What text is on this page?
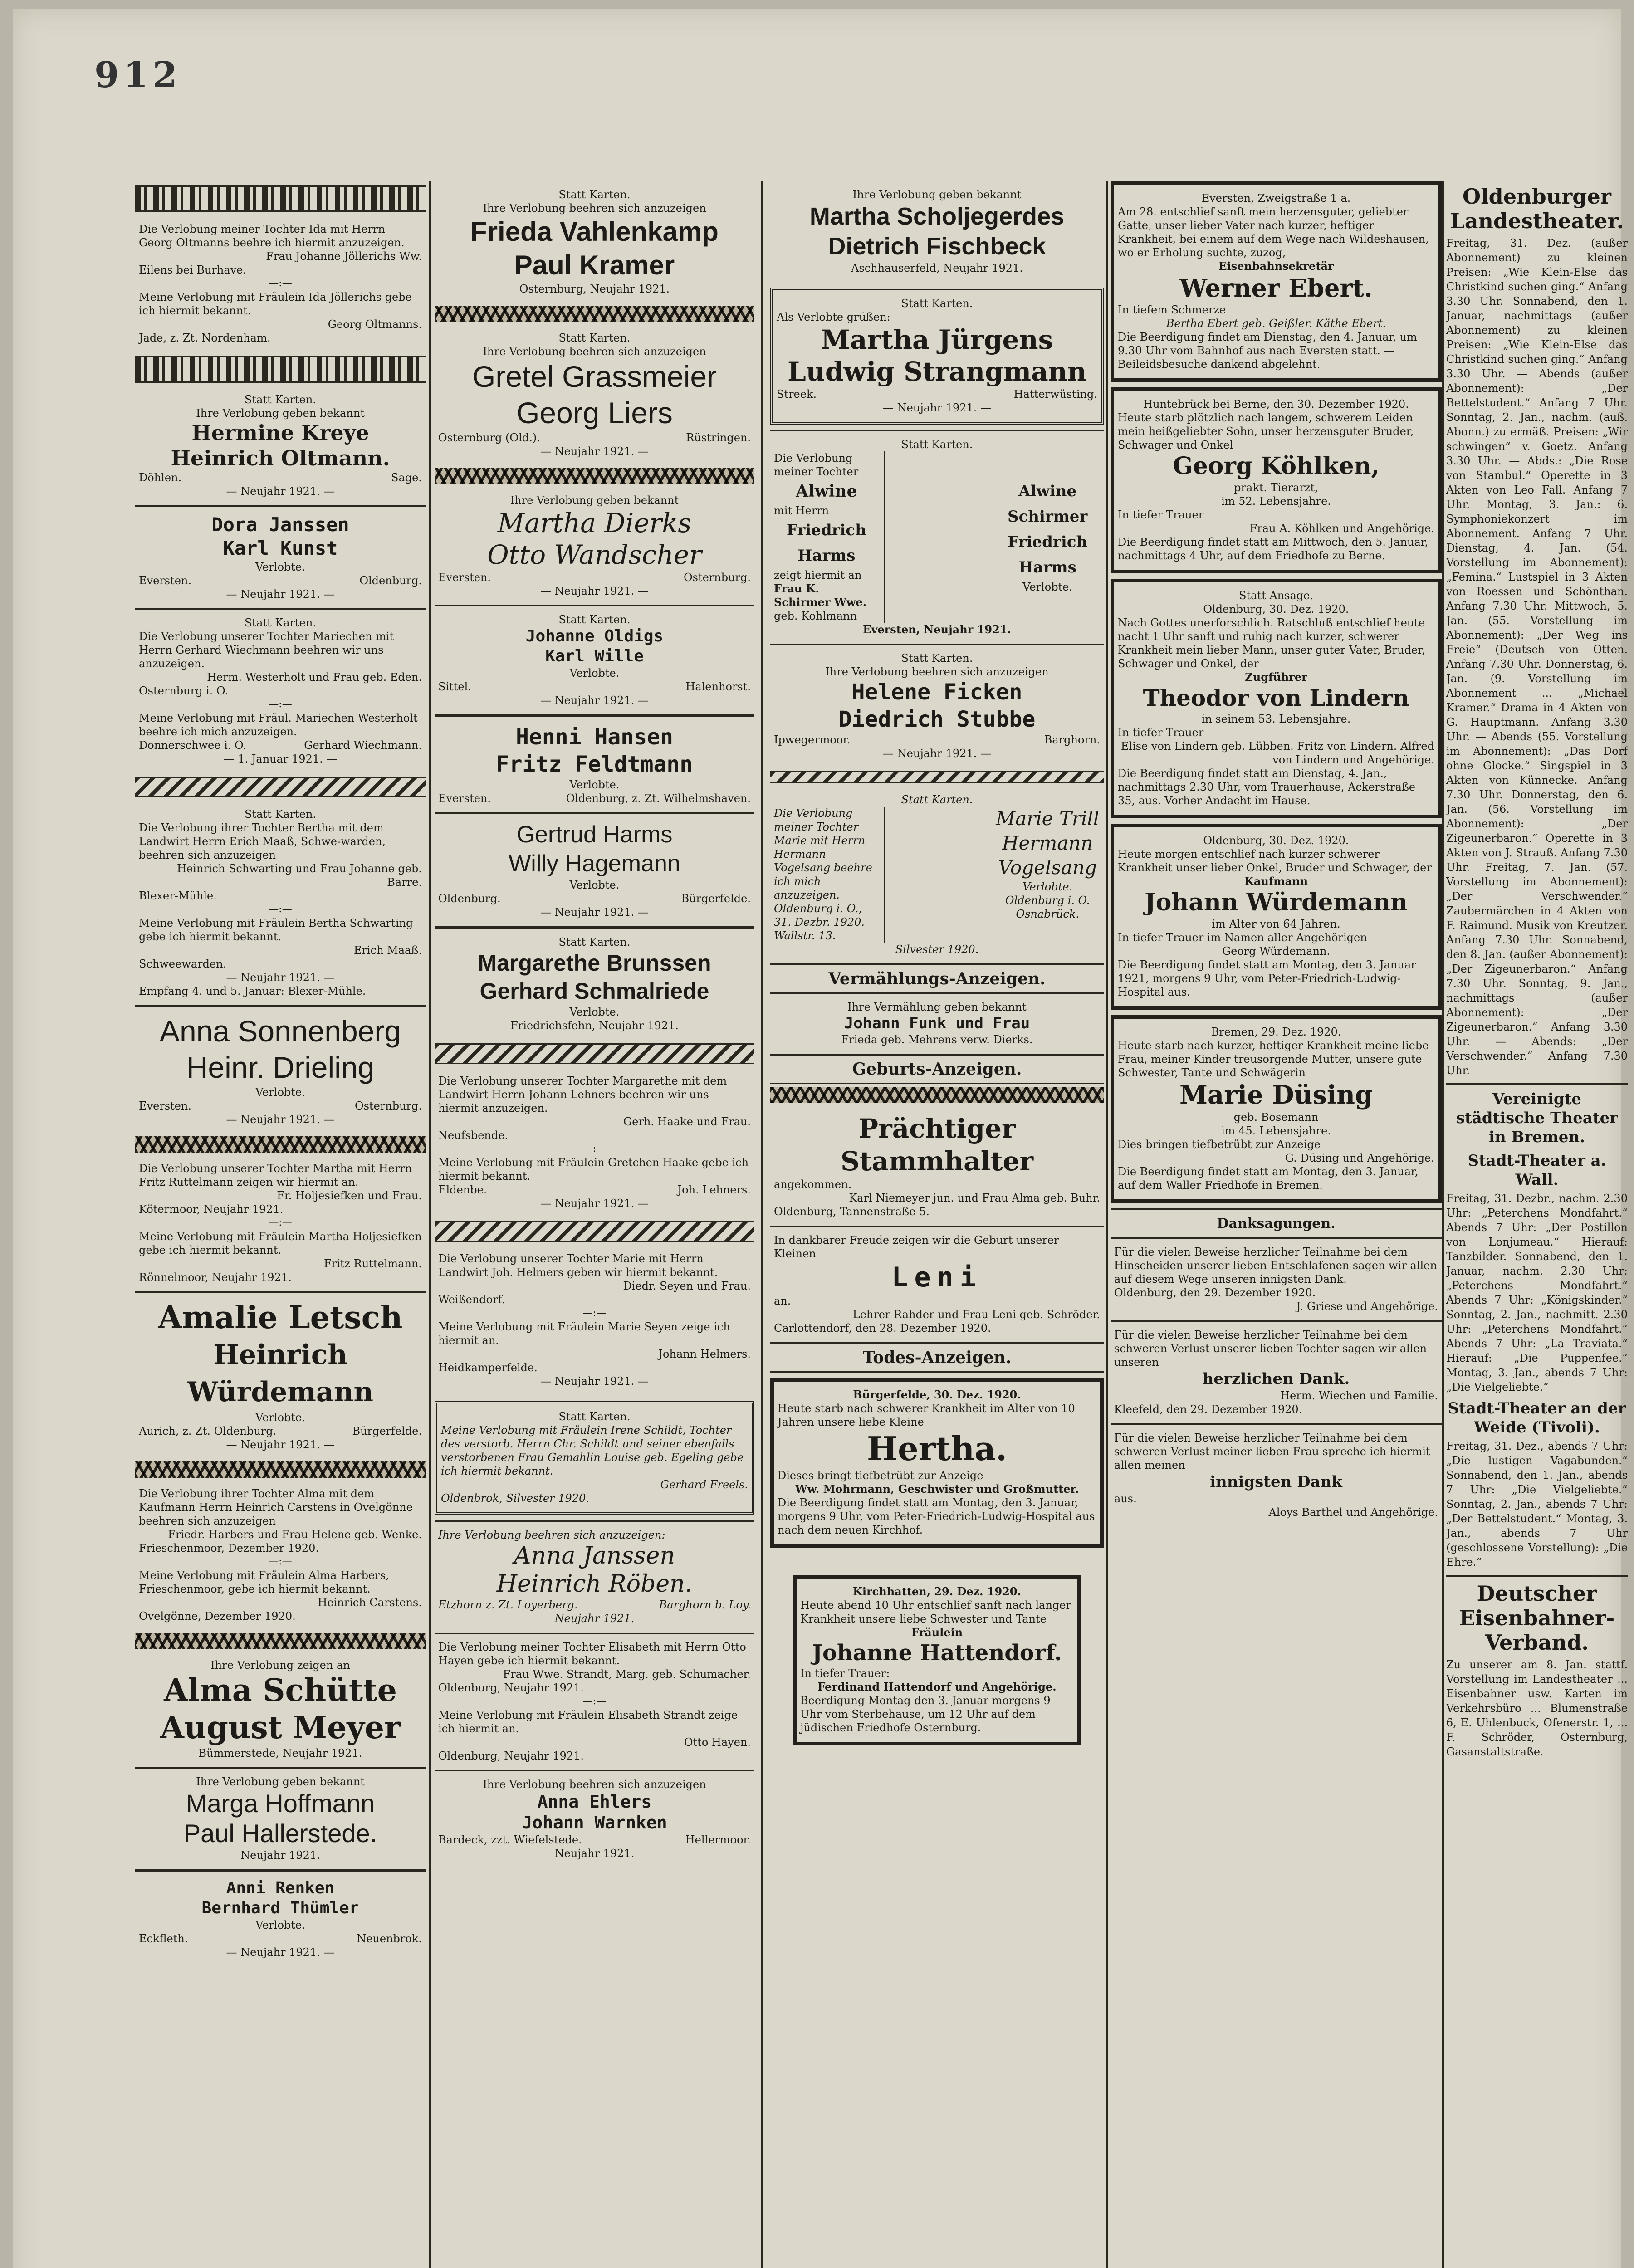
912

Die Verlobung meiner Tochter Ida mit Herrn Georg Oltmanns beehre ich hiermit anzuzeigen.

Frau Johanne Jöllerichs Ww.

Eilens bei Burhave.

—:—

Meine Verlobung mit Fräulein Ida Jöllerichs gebe ich hiermit bekannt.

Georg Oltmanns.

Jade, z. Zt. Nordenham.

Statt Karten.

Ihre Verlobung geben bekannt

Hermine Kreye

Heinrich Oltmann.

Döhlen.	Sage.

— Neujahr 1921. —

Dora Janssen

Karl Kunst

Verlobte.

Eversten.	Oldenburg.

— Neujahr 1921. —

Statt Karten.

Die Verlobung unserer Tochter Mariechen mit Herrn Gerhard Wiechmann beehren wir uns anzuzeigen.

Herm. Westerholt und Frau geb. Eden.

Osternburg i. O.

—:—

Meine Verlobung mit Fräul. Mariechen Westerholt beehre ich mich anzuzeigen.

Donnerschwee i. O.	Gerhard Wiechmann.

— 1. Januar 1921. —

Statt Karten.

Die Verlobung ihrer Tochter Bertha mit dem Landwirt Herrn Erich Maaß, Schwe-warden, beehren sich anzuzeigen

Heinrich Schwarting und Frau Johanne geb. Barre.

Blexer-Mühle.

—:—

Meine Verlobung mit Fräulein Bertha Schwarting gebe ich hiermit bekannt.

Erich Maaß.

Schweewarden.

— Neujahr 1921. —

Empfang 4. und 5. Januar: Blexer-Mühle.

Anna Sonnenberg

Heinr. Drieling

Verlobte.

Eversten.	Osternburg.

— Neujahr 1921. —

Die Verlobung unserer Tochter Martha mit Herrn Fritz Ruttelmann zeigen wir hiermit an.

Fr. Holjesiefken und Frau.

Kötermoor, Neujahr 1921.

—:—

Meine Verlobung mit Fräulein Martha Holjesiefken gebe ich hiermit bekannt.

Fritz Ruttelmann.

Rönnelmoor, Neujahr 1921.

Amalie Letsch

Heinrich Würdemann

Verlobte.

Aurich, z. Zt. Oldenburg.	Bürgerfelde.

— Neujahr 1921. —

Die Verlobung ihrer Tochter Alma mit dem Kaufmann Herrn Heinrich Carstens in Ovelgönne beehren sich anzuzeigen

Friedr. Harbers und Frau Helene geb. Wenke.

Frieschenmoor, Dezember 1920.

—:—

Meine Verlobung mit Fräulein Alma Harbers, Frieschenmoor, gebe ich hiermit bekannt.

Heinrich Carstens.

Ovelgönne, Dezember 1920.

Ihre Verlobung zeigen an

Alma Schütte

August Meyer

Bümmerstede, Neujahr 1921.

Ihre Verlobung geben bekannt

Marga Hoffmann

Paul Hallerstede.

Neujahr 1921.

Anni Renken

Bernhard Thümler

Verlobte.

Eckfleth.	Neuenbrok.

— Neujahr 1921. —

Statt Karten.

Ihre Verlobung beehren sich anzuzeigen

Frieda Vahlenkamp

Paul Kramer

Osternburg, Neujahr 1921.

Statt Karten.

Ihre Verlobung beehren sich anzuzeigen

Gretel Grassmeier

Georg Liers

Osternburg (Old.).	Rüstringen.

— Neujahr 1921. —

Ihre Verlobung geben bekannt

Martha Dierks

Otto Wandscher

Eversten.	Osternburg.

— Neujahr 1921. —

Statt Karten.

Johanne Oldigs

Karl Wille

Verlobte.

Sittel.	Halenhorst.

— Neujahr 1921. —

Henni Hansen

Fritz Feldtmann

Verlobte.

Eversten.	Oldenburg, z. Zt. Wilhelmshaven.

Gertrud Harms

Willy Hagemann

Verlobte.

Oldenburg.	Bürgerfelde.

— Neujahr 1921. —

Statt Karten.

Margarethe Brunssen

Gerhard Schmalriede

Verlobte.

Friedrichsfehn, Neujahr 1921.

Die Verlobung unserer Tochter Margarethe mit dem Landwirt Herrn Johann Lehners beehren wir uns hiermit anzuzeigen.

Gerh. Haake und Frau.

Neufsbende.

—:—

Meine Verlobung mit Fräulein Gretchen Haake gebe ich hiermit bekannt.

Eldenbe.	Joh. Lehners.

— Neujahr 1921. —

Die Verlobung unserer Tochter Marie mit Herrn Landwirt Joh. Helmers geben wir hiermit bekannt.

Diedr. Seyen und Frau.

Weißendorf.

—:—

Meine Verlobung mit Fräulein Marie Seyen zeige ich hiermit an.

Johann Helmers.

Heidkamperfelde.

— Neujahr 1921. —

Statt Karten.

Meine Verlobung mit Fräulein Irene Schildt, Tochter des verstorb. Herrn Chr. Schildt und seiner ebenfalls verstorbenen Frau Gemahlin Louise geb. Egeling gebe ich hiermit bekannt.

Gerhard Freels.

Oldenbrok, Silvester 1920.

Ihre Verlobung beehren sich anzuzeigen:

Anna Janssen

Heinrich Röben.

Etzhorn z. Zt. Loyerberg.	Barghorn b. Loy.

Neujahr 1921.

Die Verlobung meiner Tochter Elisabeth mit Herrn Otto Hayen gebe ich hiermit bekannt.

Frau Wwe. Strandt, Marg. geb. Schumacher.

Oldenburg, Neujahr 1921.

—:—

Meine Verlobung mit Fräulein Elisabeth Strandt zeige ich hiermit an.

Otto Hayen.

Oldenburg, Neujahr 1921.

Ihre Verlobung beehren sich anzuzeigen

Anna Ehlers

Johann Warnken

Bardeck, zzt. Wiefelstede.	Hellermoor.

Neujahr 1921.

Ihre Verlobung geben bekannt

Martha Scholjegerdes

Dietrich Fischbeck

Aschhauserfeld, Neujahr 1921.

Statt Karten.

Als Verlobte grüßen:

Martha Jürgens

Ludwig Strangmann

Streek.	Hatterwüsting.

— Neujahr 1921. —

Statt Karten.

Die Verlobung meiner Tochter

Alwine

mit Herrn

Friedrich Harms

zeigt hiermit an

Frau K. Schirmer Wwe.

geb. Kohlmann

Alwine Schirmer

Friedrich Harms

Verlobte.

Eversten, Neujahr 1921.

Statt Karten.

Ihre Verlobung beehren sich anzuzeigen

Helene Ficken

Diedrich Stubbe

Ipwegermoor.	Barghorn.

— Neujahr 1921. —

Statt Karten.

Die Verlobung meiner Tochter Marie mit Herrn Hermann Vogelsang beehre ich mich anzuzeigen.

Oldenburg i. O., 31. Dezbr. 1920. Wallstr. 13.

Marie Trill

Hermann Vogelsang

Verlobte.

Oldenburg i. O.

Osnabrück.

Silvester 1920.

Vermählungs-Anzeigen.

Ihre Vermählung geben bekannt

Johann Funk und Frau

Frieda geb. Mehrens verw. Dierks.

Geburts-Anzeigen.

Prächtiger Stammhalter

angekommen.

Karl Niemeyer jun. und Frau Alma geb. Buhr.

Oldenburg, Tannenstraße 5.

In dankbarer Freude zeigen wir die Geburt unserer Kleinen

Leni

an.

Lehrer Rahder und Frau Leni geb. Schröder.

Carlottendorf, den 28. Dezember 1920.

Todes-Anzeigen.

Bürgerfelde, 30. Dez. 1920.

Heute starb nach schwerer Krankheit im Alter von 10 Jahren unsere liebe Kleine

Hertha.

Dieses bringt tiefbetrübt zur Anzeige

Ww. Mohrmann, Geschwister und Großmutter.

Die Beerdigung findet statt am Montag, den 3. Januar, morgens 9 Uhr, vom Peter-Friedrich-Ludwig-Hospital aus nach dem neuen Kirchhof.

Kirchhatten, 29. Dez. 1920.

Heute abend 10 Uhr entschlief sanft nach langer Krankheit unsere liebe Schwester und Tante

Fräulein

Johanne Hattendorf.

In tiefer Trauer:

Ferdinand Hattendorf und Angehörige.

Beerdigung Montag den 3. Januar morgens 9 Uhr vom Sterbehause, um 12 Uhr auf dem jüdischen Friedhofe Osternburg.

Eversten, Zweigstraße 1 a.

Am 28. entschlief sanft mein herzensguter, geliebter Gatte, unser lieber Vater nach kurzer, heftiger Krankheit, bei einem auf dem Wege nach Wildeshausen, wo er Erholung suchte, zuzog,

Eisenbahnsekretär

Werner Ebert.

In tiefem Schmerze

Bertha Ebert geb. Geißler. Käthe Ebert.

Die Beerdigung findet am Dienstag, den 4. Januar, um 9.30 Uhr vom Bahnhof aus nach Eversten statt. — Beileidsbesuche dankend abgelehnt.

Huntebrück bei Berne, den 30. Dezember 1920.

Heute starb plötzlich nach langem, schwerem Leiden mein heißgeliebter Sohn, unser herzensguter Bruder, Schwager und Onkel

Georg Köhlken,

prakt. Tierarzt,

im 52. Lebensjahre.

In tiefer Trauer

Frau A. Köhlken und Angehörige.

Die Beerdigung findet statt am Mittwoch, den 5. Januar, nachmittags 4 Uhr, auf dem Friedhofe zu Berne.

Statt Ansage.

Oldenburg, 30. Dez. 1920.

Nach Gottes unerforschlich. Ratschluß entschlief heute nacht 1 Uhr sanft und ruhig nach kurzer, schwerer Krankheit mein lieber Mann, unser guter Vater, Bruder, Schwager und Onkel, der

Zugführer

Theodor von Lindern

in seinem 53. Lebensjahre.

In tiefer Trauer

Elise von Lindern geb. Lübben. Fritz von Lindern. Alfred von Lindern und Angehörige.

Die Beerdigung findet statt am Dienstag, 4. Jan., nachmittags 2.30 Uhr, vom Trauerhause, Ackerstraße 35, aus. Vorher Andacht im Hause.

Oldenburg, 30. Dez. 1920.

Heute morgen entschlief nach kurzer schwerer Krankheit unser lieber Onkel, Bruder und Schwager, der

Kaufmann

Johann Würdemann

im Alter von 64 Jahren.

In tiefer Trauer im Namen aller Angehörigen

Georg Würdemann.

Die Beerdigung findet statt am Montag, den 3. Januar 1921, morgens 9 Uhr, vom Peter-Friedrich-Ludwig-Hospital aus.

Bremen, 29. Dez. 1920.

Heute starb nach kurzer, heftiger Krankheit meine liebe Frau, meiner Kinder treusorgende Mutter, unsere gute Schwester, Tante und Schwägerin

Marie Düsing

geb. Bosemann

im 45. Lebensjahre.

Dies bringen tiefbetrübt zur Anzeige

G. Düsing und Angehörige.

Die Beerdigung findet statt am Montag, den 3. Januar, auf dem Waller Friedhofe in Bremen.

Danksagungen.

Für die vielen Beweise herzlicher Teilnahme bei dem Hinscheiden unserer lieben Entschlafenen sagen wir allen auf diesem Wege unseren innigsten Dank.

Oldenburg, den 29. Dezember 1920.

J. Griese und Angehörige.

Für die vielen Beweise herzlicher Teilnahme bei dem schweren Verlust unserer lieben Tochter sagen wir allen unseren

herzlichen Dank.

Herm. Wiechen und Familie.

Kleefeld, den 29. Dezember 1920.

Für die vielen Beweise herzlicher Teilnahme bei dem schweren Verlust meiner lieben Frau spreche ich hiermit allen meinen

innigsten Dank

aus.

Aloys Barthel und Angehörige.

Oldenburger Landestheater.

Freitag, 31. Dez. (außer Abonnement) zu kleinen Preisen: „Wie Klein-Else das Christkind suchen ging.“ Anfang 3.30 Uhr. Sonnabend, den 1. Januar, nachmittags (außer Abonnement) zu kleinen Preisen: „Wie Klein-Else das Christkind suchen ging.“ Anfang 3.30 Uhr. — Abends (außer Abonnement): „Der Bettelstudent.“ Anfang 7 Uhr. Sonntag, 2. Jan., nachm. (auß. Abonn.) zu ermäß. Preisen: „Wir schwingen“ v. Goetz. Anfang 3.30 Uhr. — Abds.: „Die Rose von Stambul.“ Operette in 3 Akten von Leo Fall. Anfang 7 Uhr. Montag, 3. Jan.: 6. Symphoniekonzert im Abonnement. Anfang 7 Uhr. Dienstag, 4. Jan. (54. Vorstellung im Abonnement): „Femina.“ Lustspiel in 3 Akten von Roessen und Schönthan. Anfang 7.30 Uhr. Mittwoch, 5. Jan. (55. Vorstellung im Abonnement): „Der Weg ins Freie“ (Deutsch von Otten. Anfang 7.30 Uhr. Donnerstag, 6. Jan. (9. Vorstellung im Abonnement ... „Michael Kramer.“ Drama in 4 Akten von G. Hauptmann. Anfang 3.30 Uhr. — Abends (55. Vorstellung im Abonnement): „Das Dorf ohne Glocke.“ Singspiel in 3 Akten von Künnecke. Anfang 7.30 Uhr. Donnerstag, den 6. Jan. (56. Vorstellung im Abonnement): „Der Zigeunerbaron.“ Operette in 3 Akten von J. Strauß. Anfang 7.30 Uhr. Freitag, 7. Jan. (57. Vorstellung im Abonnement): „Der Verschwender.“ Zaubermärchen in 4 Akten von F. Raimund. Musik von Kreutzer. Anfang 7.30 Uhr. Sonnabend, den 8. Jan. (außer Abonnement): „Der Zigeunerbaron.“ Anfang 7.30 Uhr. Sonntag, 9. Jan., nachmittags (außer Abonnement): „Der Zigeunerbaron.“ Anfang 3.30 Uhr. — Abends: „Der Verschwender.“ Anfang 7.30 Uhr.

Vereinigte städtische Theater in Bremen.
Stadt-Theater a. Wall.

Freitag, 31. Dezbr., nachm. 2.30 Uhr: „Peterchens Mondfahrt.“ Abends 7 Uhr: „Der Postillon von Lonjumeau.“ Hierauf: Tanzbilder. Sonnabend, den 1. Januar, nachm. 2.30 Uhr: „Peterchens Mondfahrt.“ Abends 7 Uhr: „Königskinder.“ Sonntag, 2. Jan., nachmitt. 2.30 Uhr: „Peterchens Mondfahrt.“ Abends 7 Uhr: „La Traviata.“ Hierauf: „Die Puppenfee.“ Montag, 3. Jan., abends 7 Uhr: „Die Vielgeliebte.“

Stadt-Theater an der Weide (Tivoli).

Freitag, 31. Dez., abends 7 Uhr: „Die lustigen Vagabunden.“ Sonnabend, den 1. Jan., abends 7 Uhr: „Die Vielgeliebte.“ Sonntag, 2. Jan., abends 7 Uhr: „Der Bettelstudent.“ Montag, 3. Jan., abends 7 Uhr (geschlossene Vorstellung): „Die Ehre.“

Deutscher Eisenbahner-Verband.

Zu unserer am 8. Jan. stattf. Vorstellung im Landestheater ... Eisenbahner usw. Karten im Verkehrsbüro ... Blumenstraße 6, E. Uhlenbuck, Ofenerstr. 1, ... F. Schröder, Osternburg, Gasanstaltstraße.
